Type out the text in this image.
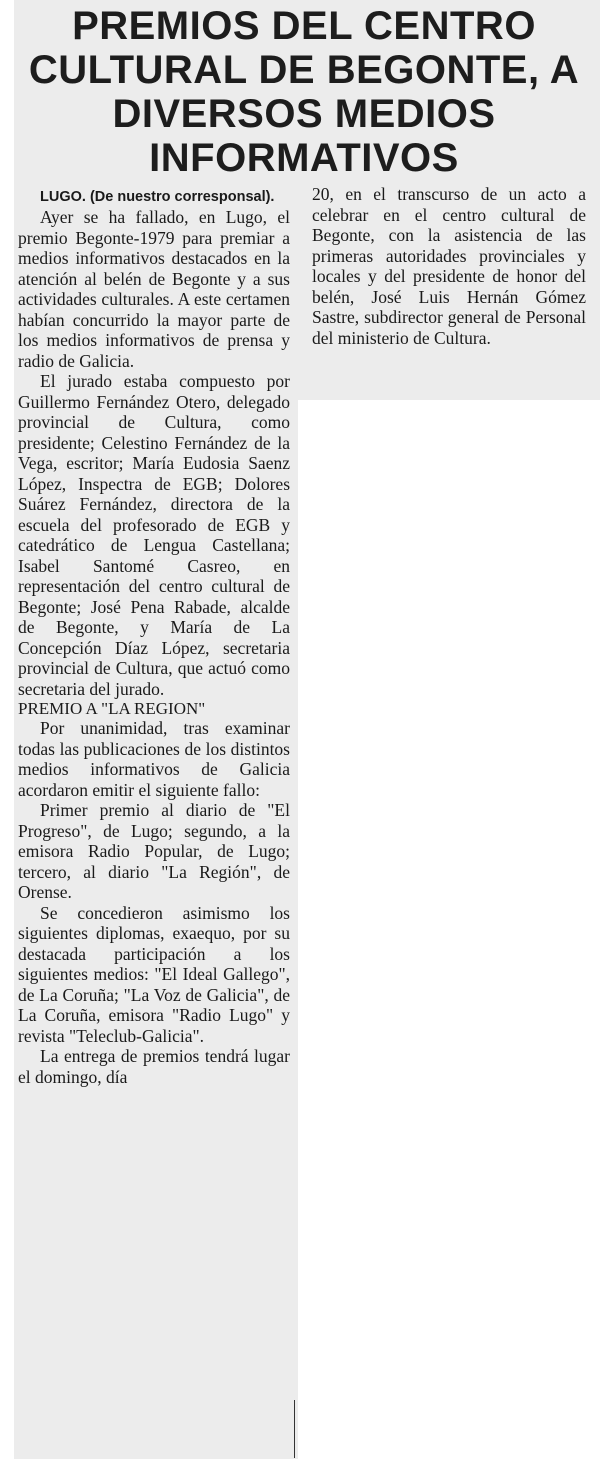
PREMIOS DEL CENTRO CULTURAL DE BEGONTE, A DIVERSOS MEDIOS INFORMATIVOS

LUGO. (De nuestro corresponsal).

Ayer se ha fallado, en Lugo, el premio Begonte-1979 para premiar a medios informativos destacados en la atención al belén de Begonte y a sus actividades culturales. A este certamen habían concurrido la mayor parte de los medios informativos de prensa y radio de Galicia.

El jurado estaba compuesto por Guillermo Fernández Otero, delegado provincial de Cultura, como presidente; Celestino Fernández de la Vega, escritor; María Eudosia Saenz López, Inspectra de EGB; Dolores Suárez Fernández, directora de la escuela del profesorado de EGB y catedrático de Lengua Castellana; Isabel Santomé Casreo, en representación del centro cultural de Begonte; José Pena Rabade, alcalde de Begonte, y María de La Concepción Díaz López, secretaria provincial de Cultura, que actuó como secretaria del jurado.

PREMIO A "LA REGION"

Por unanimidad, tras examinar todas las publicaciones de los distintos medios informativos de Galicia acordaron emitir el siguiente fallo:

Primer premio al diario de "El Progreso", de Lugo; segundo, a la emisora Radio Popular, de Lugo; tercero, al diario "La Región", de Orense.

Se concedieron asimismo los siguientes diplomas, exaequo, por su destacada participación a los siguientes medios: "El Ideal Gallego", de La Coruña; "La Voz de Galicia", de La Coruña, emisora "Radio Lugo" y revista "Teleclub-Galicia".

La entrega de premios tendrá lugar el domingo, día

20, en el transcurso de un acto a celebrar en el centro cultural de Begonte, con la asistencia de las primeras autoridades provinciales y locales y del presidente de honor del belén, José Luis Hernán Gómez Sastre, subdirector general de Personal del ministerio de Cultura.
